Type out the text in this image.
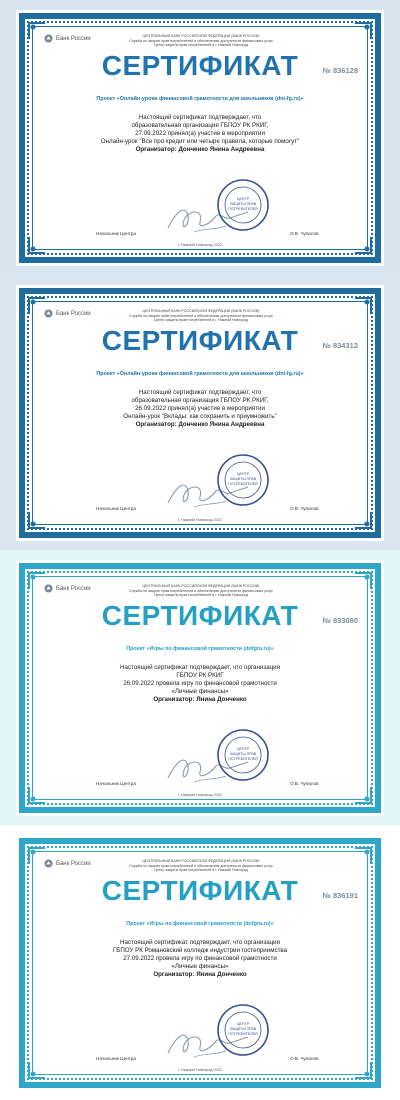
Банк России	ЦЕНТРАЛЬНЫЙ БАНК РОССИЙСКОЙ ФЕДЕРАЦИИ (БАНК РОССИИ)
Служба по защите прав потребителей и обеспечению доступности финансовых услуг
Центр защиты прав потребителей в г. Нижний Новгород
СЕРТИФИКАТ	№ 836128
Проект «Онлайн-уроки финансовой грамотности для школьников (dni-fg.ru)»
Настоящий сертификат подтверждает, что
образовательная организация ГБПОУ РК РКИГ,
27.09.2022 принял(а) участие в мероприятии
Онлайн-урок "Все про кредит или четыре правила, которые помогут"
Организатор: Донченко Янина Андреевна
ЦЕНТР
ЗАЩИТЫ ПРАВ
ПОТРЕБИТЕЛЕЙ
Начальник Центра	О.В. Чупалов
г. Нижний Новгород 2022
Банк России	ЦЕНТРАЛЬНЫЙ БАНК РОССИЙСКОЙ ФЕДЕРАЦИИ (БАНК РОССИИ)
Служба по защите прав потребителей и обеспечению доступности финансовых услуг
Центр защиты прав потребителей в г. Нижний Новгород
СЕРТИФИКАТ	№ 834312
Проект «Онлайн-уроки финансовой грамотности для школьников (dni-fg.ru)»
Настоящий сертификат подтверждает, что
образовательная организация ГБПОУ РК РКИГ,
26.09.2022 принял(а) участие в мероприятии
Онлайн-урок "Вклады: как сохранить и приумножить"
Организатор: Донченко Янина Андреевна
ЦЕНТР
ЗАЩИТЫ ПРАВ
ПОТРЕБИТЕЛЕЙ
Начальник Центра	О.В. Чупалов
г. Нижний Новгород 2022
Банк России	ЦЕНТРАЛЬНЫЙ БАНК РОССИЙСКОЙ ФЕДЕРАЦИИ (БАНК РОССИИ)
Служба по защите прав потребителей и обеспечению доступности финансовых услуг
Центр защиты прав потребителей в г. Нижний Новгород
СЕРТИФИКАТ	№ 833080
Проект «Игры по финансовой грамотности (dofgra.ru)»
Настоящий сертификат подтверждает, что организация
ГБПОУ РК РКИГ
26.09.2022 провела игру по финансовой грамотности
«Личные финансы»
Организатор: Янина Донченко
ЦЕНТР
ЗАЩИТЫ ПРАВ
ПОТРЕБИТЕЛЕЙ
Начальник Центра	О.В. Чупалов
г. Нижний Новгород 2022
Банк России	ЦЕНТРАЛЬНЫЙ БАНК РОССИЙСКОЙ ФЕДЕРАЦИИ (БАНК РОССИИ)
Служба по защите прав потребителей и обеспечению доступности финансовых услуг
Центр защиты прав потребителей в г. Нижний Новгород
СЕРТИФИКАТ	№ 836191
Проект «Игры по финансовой грамотности (dofgra.ru)»
Настоящий сертификат подтверждает, что организация
ГБПОУ РК Романовский колледж индустрии гостеприимства
27.09.2022 провела игру по финансовой грамотности
«Личные финансы»
Организатор: Янина Донченко
ЦЕНТР
ЗАЩИТЫ ПРАВ
ПОТРЕБИТЕЛЕЙ
Начальник Центра	О.В. Чупалов
г. Нижний Новгород 2022
